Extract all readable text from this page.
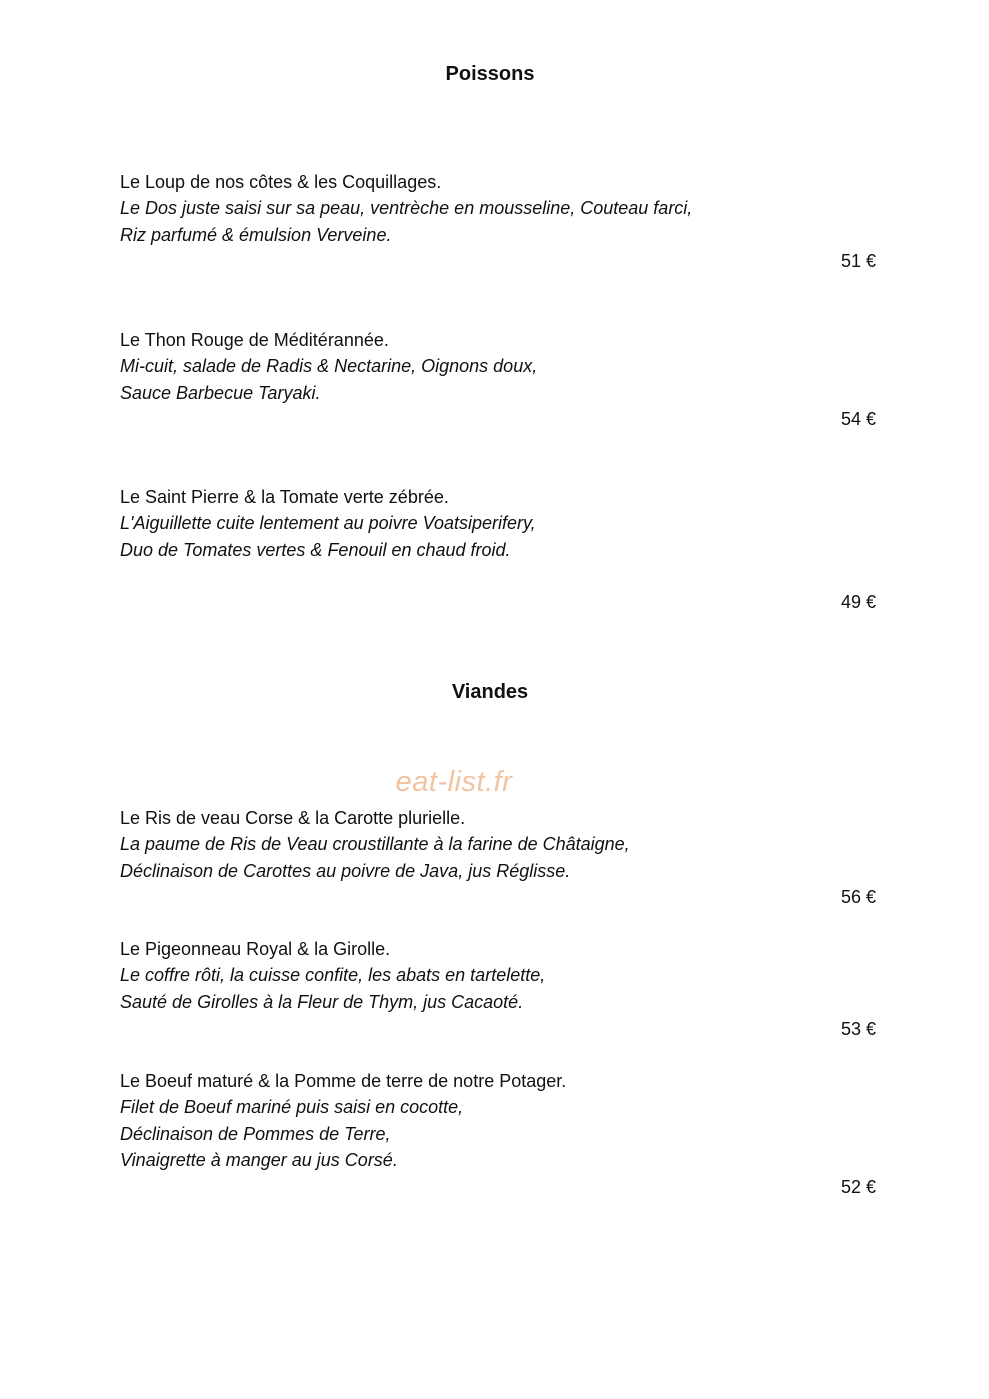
Poissons

Le Loup de nos côtes & les Coquillages.

Le Dos juste saisi sur sa peau, ventrèche en mousseline, Couteau farci,

Riz parfumé & émulsion Verveine.

51 €

Le Thon Rouge de Méditérannée.

Mi-cuit, salade de Radis & Nectarine, Oignons doux,

Sauce Barbecue Taryaki.

54 €

Le Saint Pierre & la Tomate verte zébrée.

L'Aiguillette cuite lentement au poivre Voatsiperifery,

Duo de Tomates vertes & Fenouil en chaud froid.

49 €

Viandes
eat-list.fr

Le Ris de veau Corse & la Carotte plurielle.

La paume de Ris de Veau croustillante à la farine de Châtaigne,

Déclinaison de Carottes au poivre de Java, jus Réglisse.

56 €

Le Pigeonneau Royal & la Girolle.

Le coffre rôti, la cuisse confite, les abats en tartelette,

Sauté de Girolles à la Fleur de Thym, jus Cacaoté.

53 €

Le Boeuf maturé & la Pomme de terre de notre Potager.

Filet de Boeuf mariné puis saisi en cocotte,

Déclinaison de Pommes de Terre,

Vinaigrette à manger au jus Corsé.

52 €
